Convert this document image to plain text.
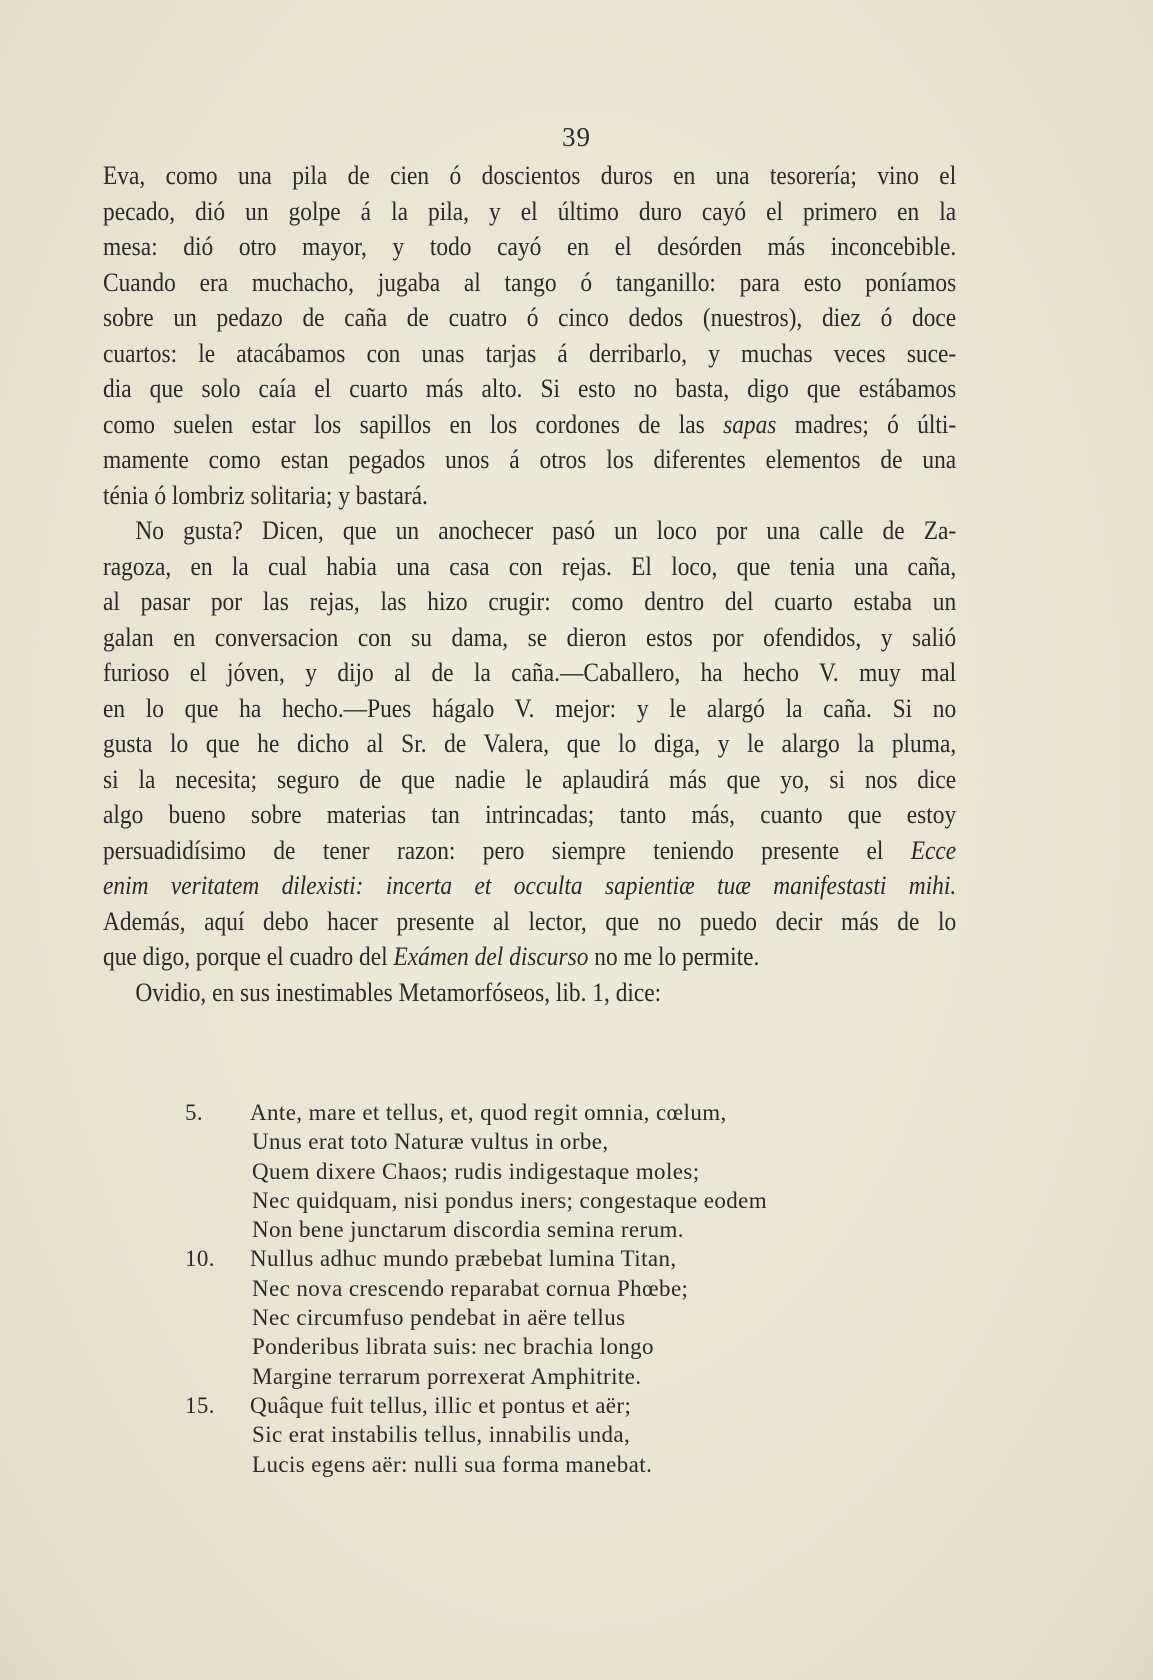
39
Eva, como una pila de cien ó doscientos duros en una tesorería; vino el
pecado, dió un golpe á la pila, y el último duro cayó el primero en la
mesa: dió otro mayor, y todo cayó en el desórden más inconcebible.
Cuando era muchacho, jugaba al tango ó tanganillo: para esto poníamos
sobre un pedazo de caña de cuatro ó cinco dedos (nuestros), diez ó doce
cuartos: le atacábamos con unas tarjas á derribarlo, y muchas veces suce-
dia que solo caía el cuarto más alto. Si esto no basta, digo que estábamos
como suelen estar los sapillos en los cordones de las sapas madres; ó últi-
mamente como estan pegados unos á otros los diferentes elementos de una
ténia ó lombriz solitaria; y bastará.
No gusta? Dicen, que un anochecer pasó un loco por una calle de Za-
ragoza, en la cual habia una casa con rejas. El loco, que tenia una caña,
al pasar por las rejas, las hizo crugir: como dentro del cuarto estaba un
galan en conversacion con su dama, se dieron estos por ofendidos, y salió
furioso el jóven, y dijo al de la caña.—Caballero, ha hecho V. muy mal
en lo que ha hecho.—Pues hágalo V. mejor: y le alargó la caña. Si no
gusta lo que he dicho al Sr. de Valera, que lo diga, y le alargo la pluma,
si la necesita; seguro de que nadie le aplaudirá más que yo, si nos dice
algo bueno sobre materias tan intrincadas; tanto más, cuanto que estoy
persuadidísimo de tener razon: pero siempre teniendo presente el Ecce
enim veritatem dilexisti: incerta et occulta sapientiæ tuæ manifestasti mihi.
Además, aquí debo hacer presente al lector, que no puedo decir más de lo
que digo, porque el cuadro del Exámen del discurso no me lo permite.
Ovidio, en sus inestimables Metamorfóseos, lib. 1, dice:
5.	Ante, mare et tellus, et, quod regit omnia, cœlum,
Unus erat toto Naturæ vultus in orbe,
Quem dixere Chaos; rudis indigestaque moles;
Nec quidquam, nisi pondus iners; congestaque eodem
Non bene junctarum discordia semina rerum.
10.	Nullus adhuc mundo præbebat lumina Titan,
Nec nova crescendo reparabat cornua Phœbe;
Nec circumfuso pendebat in aëre tellus
Ponderibus librata suis: nec brachia longo
Margine terrarum porrexerat Amphitrite.
15.	Quâque fuit tellus, illic et pontus et aër;
Sic erat instabilis tellus, innabilis unda,
Lucis egens aër: nulli sua forma manebat.
